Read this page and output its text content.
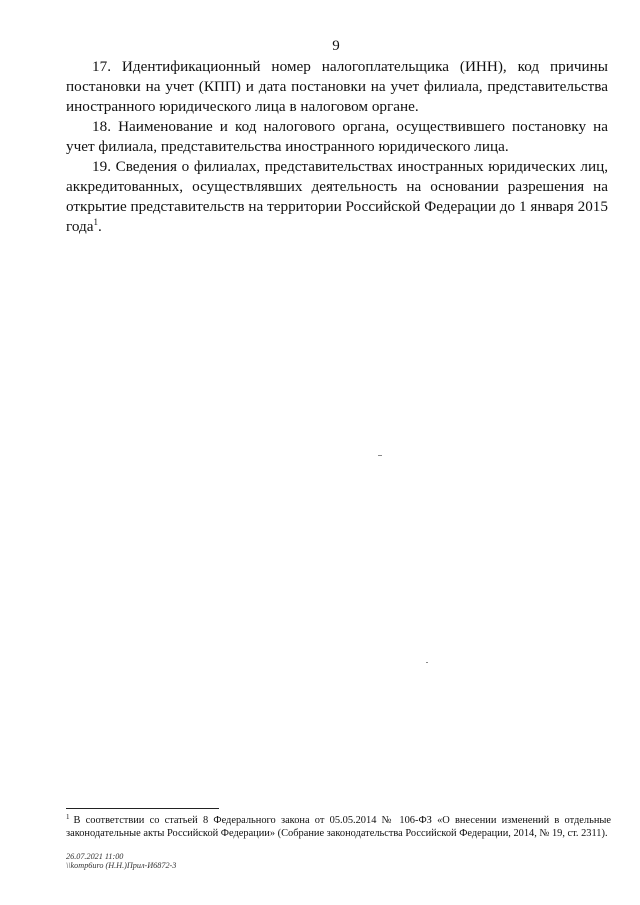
9

17. Идентификационный номер налогоплательщика (ИНН), код причины постановки на учет (КПП) и дата постановки на учет филиала, представительства иностранного юридического лица в налоговом органе.

18. Наименование и код налогового органа, осуществившего постановку на учет филиала, представительства иностранного юридического лица.

19. Сведения о филиалах, представительствах иностранных юридических лиц, аккредитованных, осуществлявших деятельность на основании разрешения на открытие представительств на территории Российской Федерации до 1 января 2015 года$^1$.

$^1$ В соответствии со статьей 8 Федерального закона от 05.05.2014 № 106-ФЗ «О внесении изменений в отдельные законодательные акты Российской Федерации» (Собрание законодательства Российской Федерации, 2014, № 19, ст. 2311).
26.07.2021 11:00
\\komp6uro (Н.Н.)Прил-И6872-3
